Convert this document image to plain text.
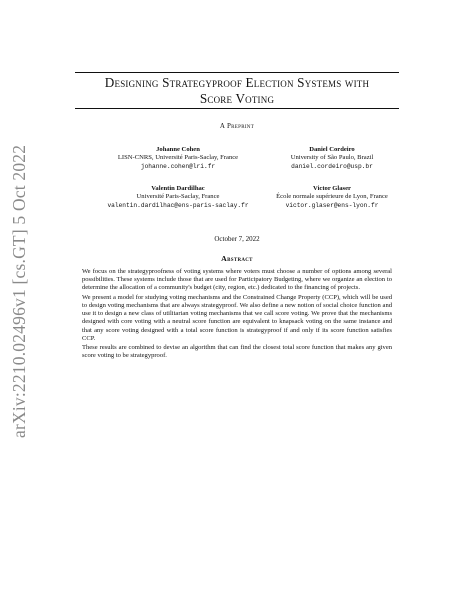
arXiv:2210.02496v1 [cs.GT] 5 Oct 2022
Designing Strategyproof Election Systems with
Score Voting
A Preprint
Johanne Cohen
LISN-CNRS, Université Paris-Saclay, France
johanne.cohen@lri.fr
Daniel Cordeiro
University of São Paulo, Brazil
daniel.cordeiro@usp.br
Valentin Dardilhac
Université Paris-Saclay, France
valentin.dardilhac@ens-paris-saclay.fr
Victor Glaser
École normale supérieure de Lyon, France
victor.glaser@ens-lyon.fr
October 7, 2022
Abstract

We focus on the strategyproofness of voting systems where voters must choose a number of options among several possibilities. These systems include those that are used for Participatory Budgeting, where we organize an election to determine the allocation of a community's budget (city, region, etc.) dedicated to the financing of projects.

We present a model for studying voting mechanisms and the Constrained Change Property (CCP), which will be used to design voting mechanisms that are always strategyproof. We also define a new notion of social choice function and use it to design a new class of utilitarian voting mechanisms that we call score voting. We prove that the mechanisms designed with core voting with a neutral score function are equivalent to knapsack voting on the same instance and that any score voting designed with a total score function is strategyproof if and only if its score function satisfies CCP.

These results are combined to devise an algorithm that can find the closest total score function that makes any given score voting to be strategyproof.
